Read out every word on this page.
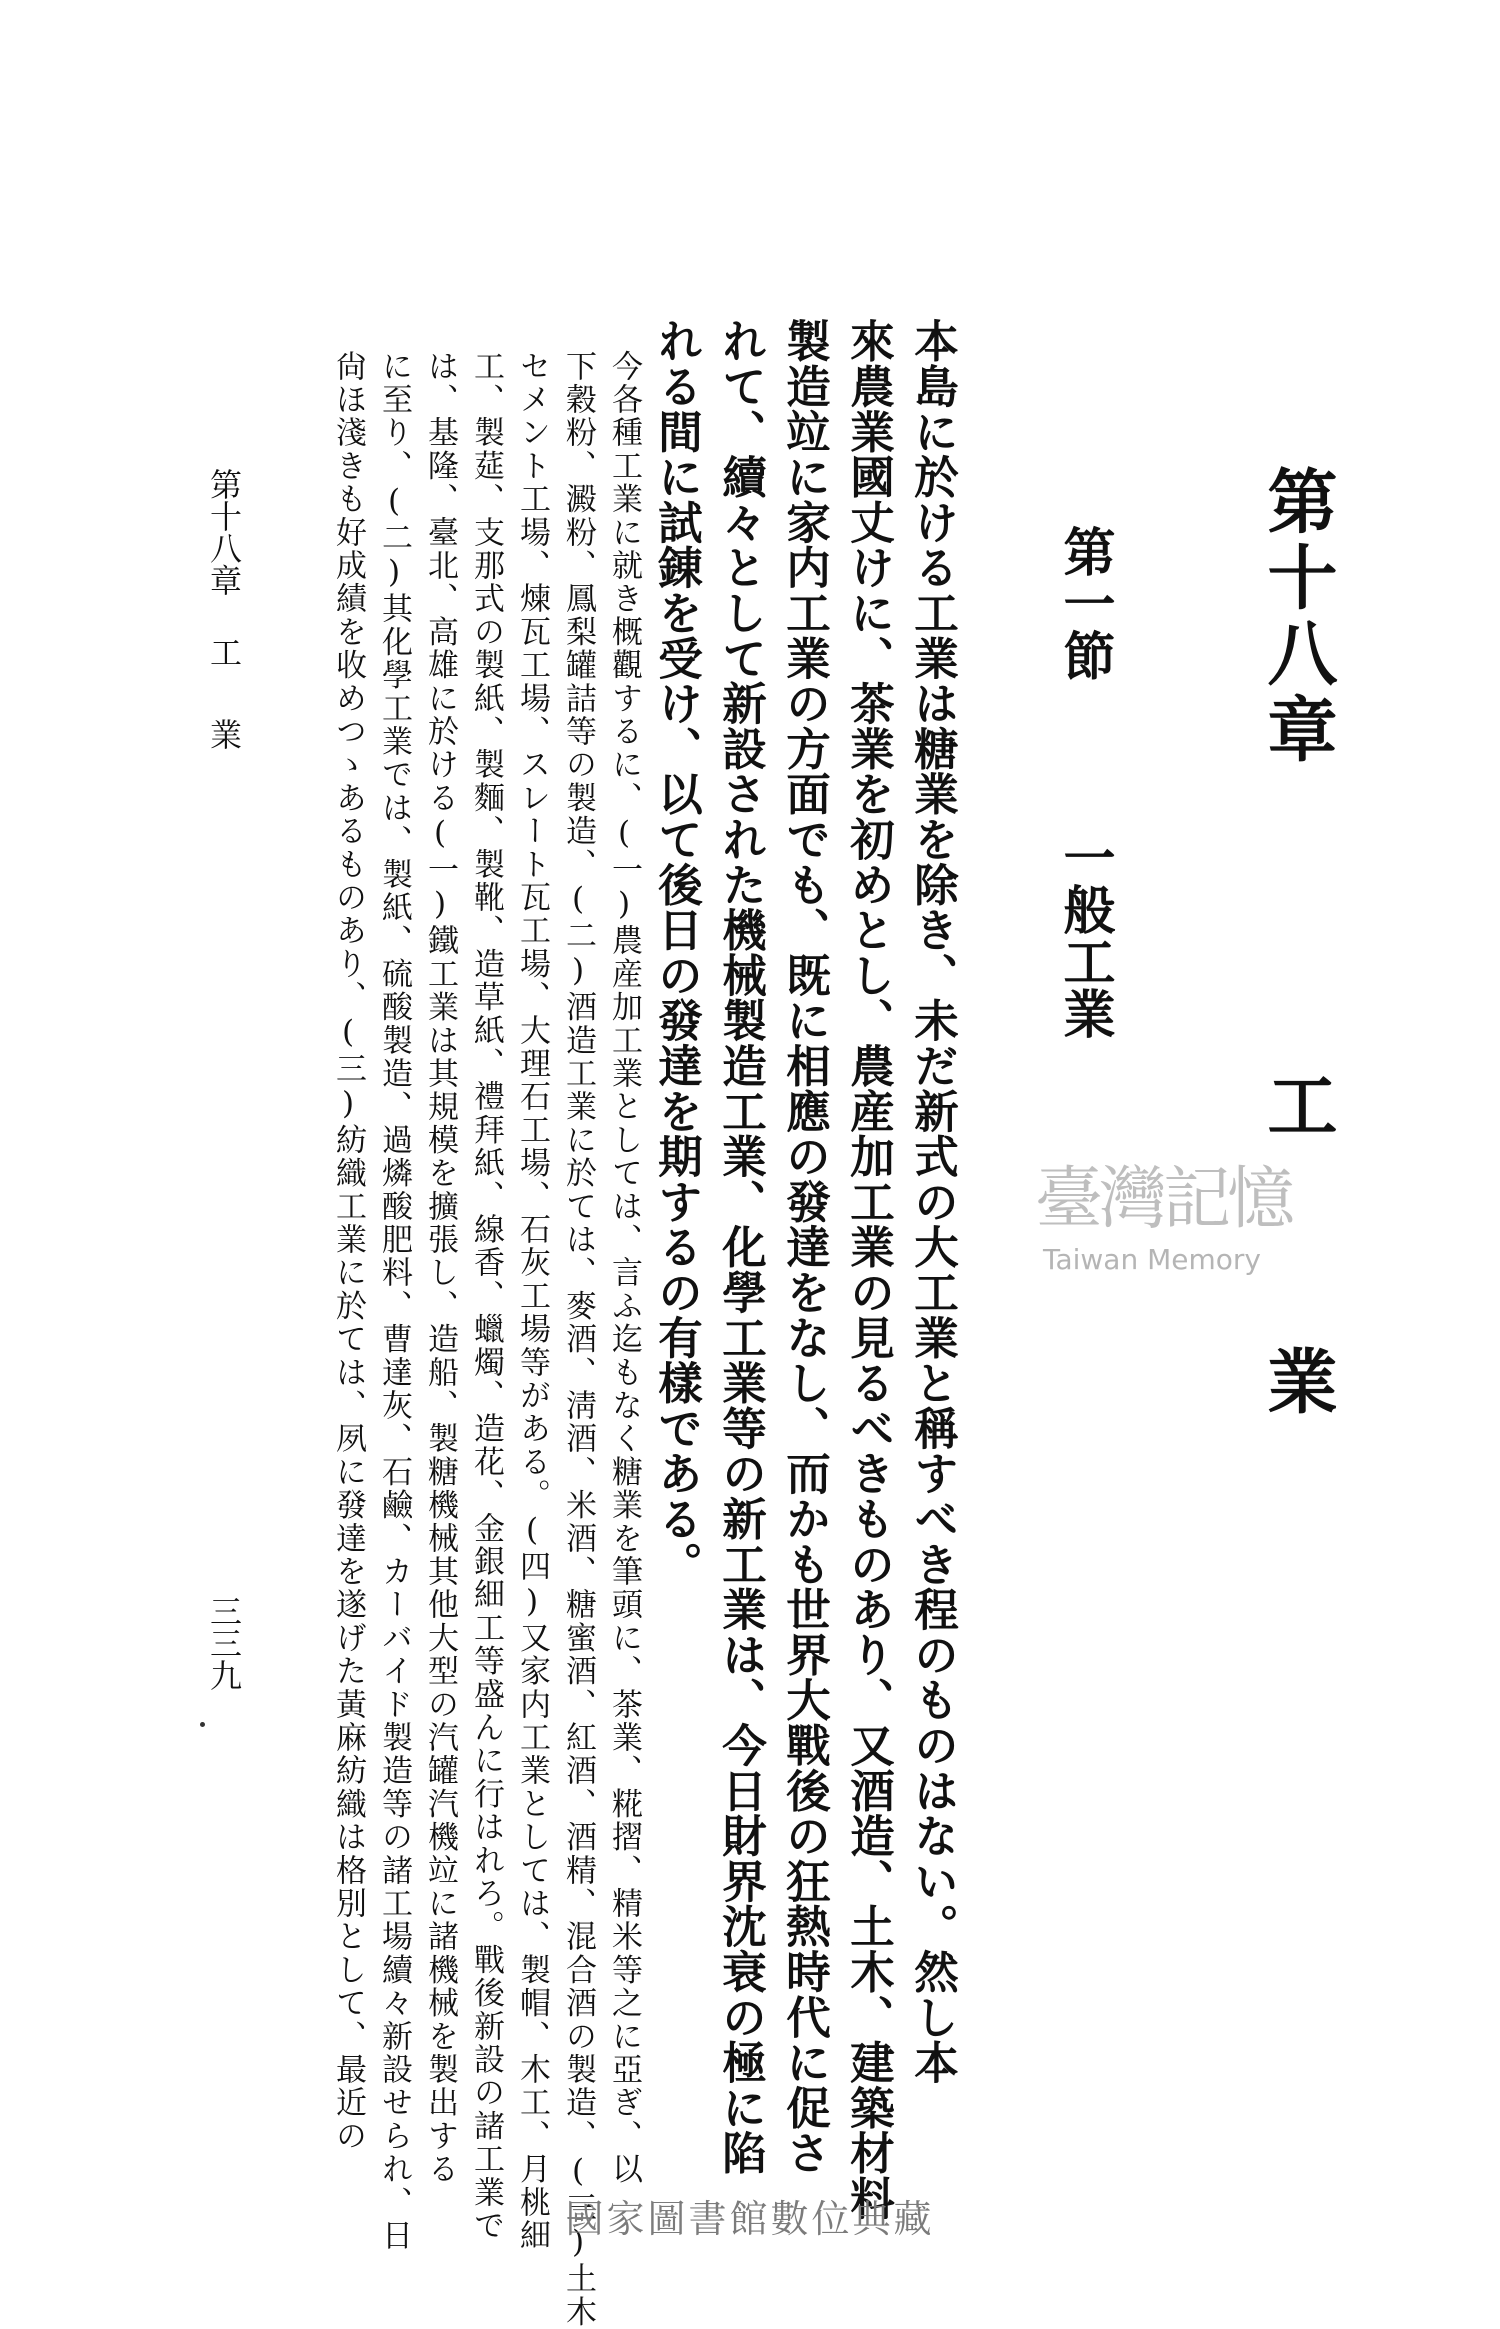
第十八章工業
第一節一般工業
本島に於ける工業は糖業を除き、未だ新式の大工業と稱すべき程のものはない。然し本
來農業國丈けに、茶業を初めとし、農産加工業の見るべきものあり、又酒造、土木、建築材料
製造竝に家内工業の方面でも、既に相應の發達をなし、而かも世界大戰後の狂熱時代に促さ
れて、續々として新設された機械製造工業、化學工業等の新工業は、今日財界沈衰の極に陷
れる間に試錬を受け、以て後日の發達を期するの有樣である。
今各種工業に就き概觀するに、(一)農産加工業としては、言ふ迄もなく糖業を筆頭に、茶業、糀摺、精米等之に亞ぎ、以
下穀粉、澱粉、鳳梨罐詰等の製造、(二)酒造工業に於ては、麥酒、淸酒、米酒、糖蜜酒、紅酒、酒精、混合酒の製造、(三)土木
セメント工場、煉瓦工場、スレート瓦工場、大理石工場、石灰工場等がある。(四)又家内工業としては、製帽、木工、月桃細
工、製莚、支那式の製紙、製麵、製靴、造草紙、禮拜紙、線香、蠟燭、造花、金銀細工等盛んに行はれろ。戰後新設の諸工業で
は、基隆、臺北、高雄に於ける(一)鐵工業は其規模を擴張し、造船、製糖機械其他大型の汽罐汽機竝に諸機械を製出する
に至り、(二)其化學工業では、製紙、硫酸製造、過燐酸肥料、曹達灰、石鹼、カーバイド製造等の諸工場續々新設せられ、日
尙ほ淺きも好成績を收めつゝあるものあり、(三)紡織工業に於ては、夙に發達を遂げた黃麻紡織は格別として、最近の
第十八章工業
三三九
臺灣記憶
Taiwan Memory
國家圖書館數位典藏
